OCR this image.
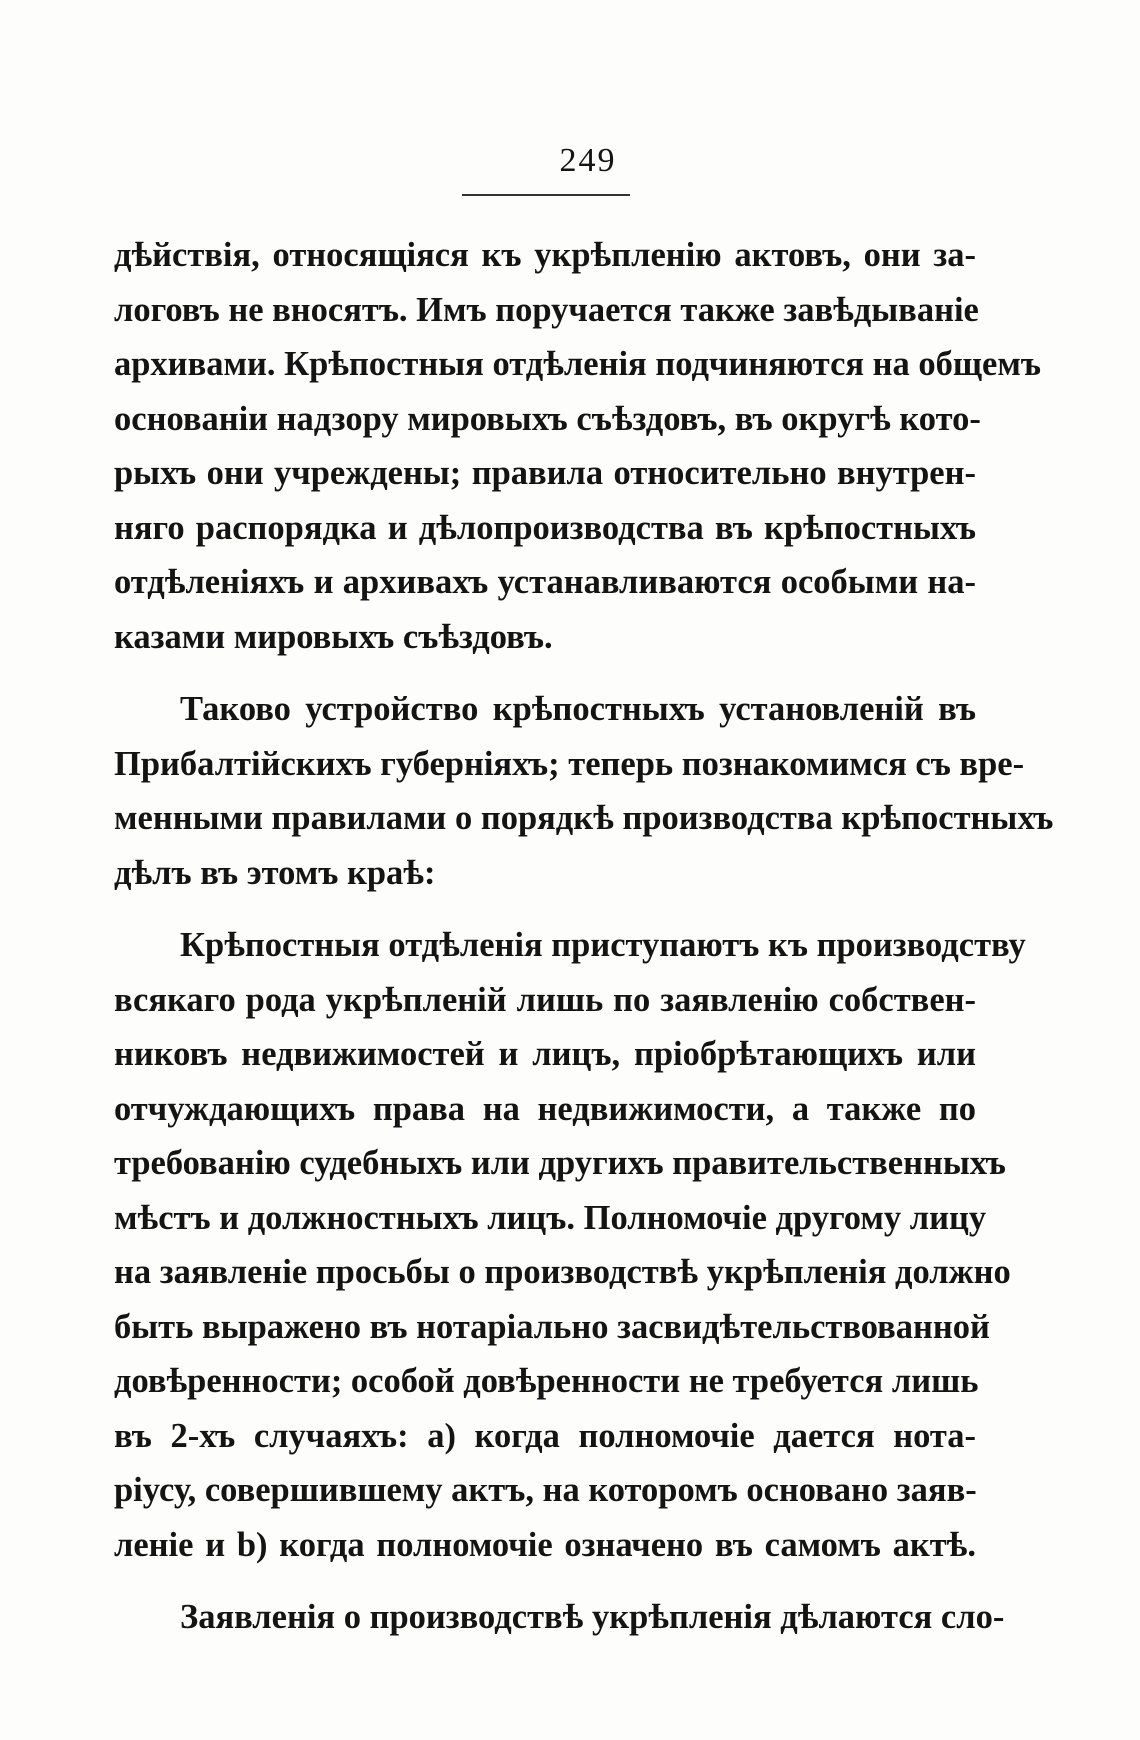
249
дѣйствія, относящіяся къ укрѣпленію актовъ, они за-
логовъ не вносятъ. Имъ поручается также завѣдываніе
архивами. Крѣпостныя отдѣленія подчиняются на общемъ
основаніи надзору мировыхъ съѣздовъ, въ округѣ кото-
рыхъ они учреждены; правила относительно внутрен-
няго распорядка и дѣлопроизводства въ крѣпостныхъ
отдѣленіяхъ и архивахъ устанавливаются особыми на-
казами мировыхъ съѣздовъ.
Таково устройство крѣпостныхъ установленій въ
Прибалтійскихъ губерніяхъ; теперь познакомимся съ вре-
менными правилами о порядкѣ производства крѣпостныхъ
дѣлъ въ этомъ краѣ:
Крѣпостныя отдѣленія приступаютъ къ производству
всякаго рода укрѣпленій лишь по заявленію собствен-
никовъ недвижимостей и лицъ, пріобрѣтающихъ или
отчуждающихъ права на недвижимости, а также по
требованію судебныхъ или другихъ правительственныхъ
мѣстъ и должностныхъ лицъ. Полномочіе другому лицу
на заявленіе просьбы о производствѣ укрѣпленія должно
быть выражено въ нотаріально засвидѣтельствованной
довѣренности; особой довѣренности не требуется лишь
въ 2-хъ случаяхъ: a) когда полномочіе дается нота-
ріусу, совершившему актъ, на которомъ основано заяв-
леніе и b) когда полномочіе означено въ самомъ актѣ.
Заявленія о производствѣ укрѣпленія дѣлаются сло-
